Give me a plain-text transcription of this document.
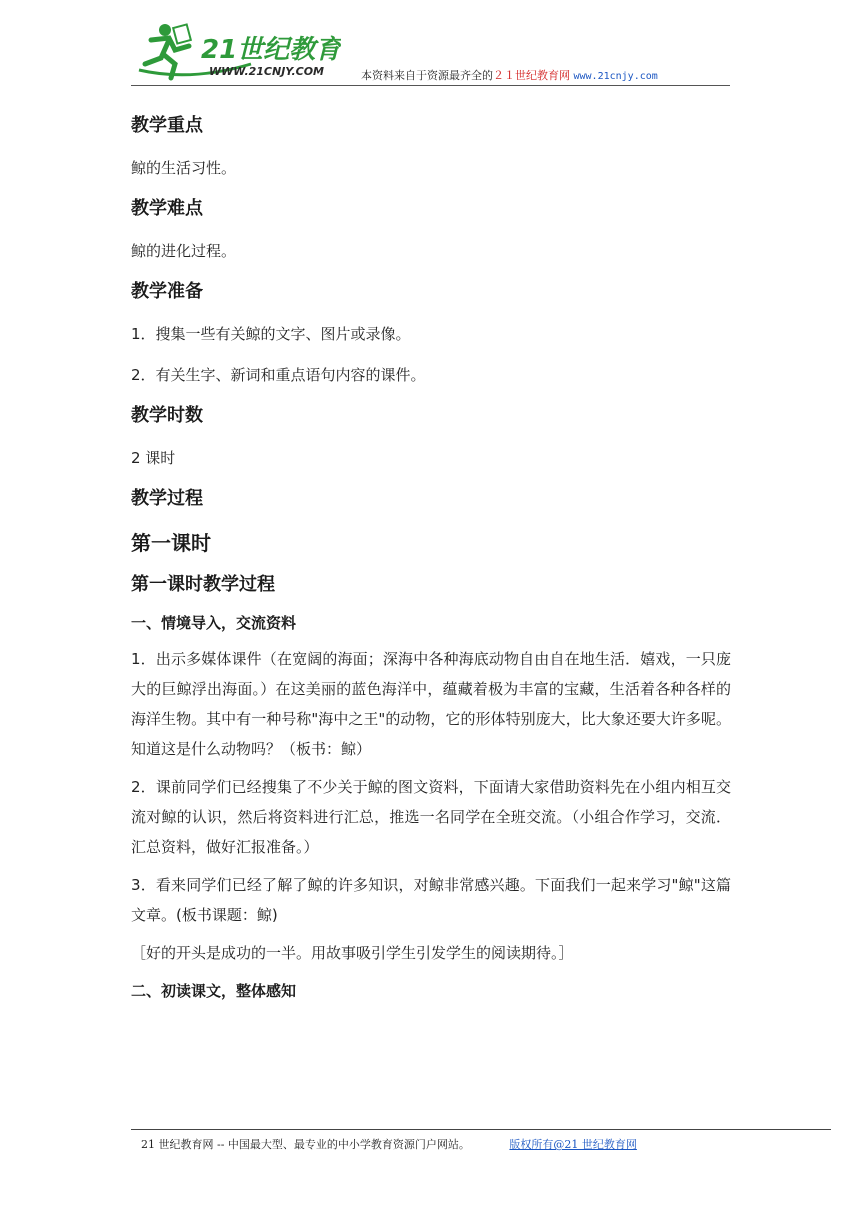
21世纪教育
WWW.21CNJY.COM	本资料来自于资源最齐全的２１世纪教育网 www.21cnjy.com
教学重点
鲸的生活习性。
教学难点
鲸的进化过程。
教学准备
1．搜集一些有关鲸的文字、图片或录像。
2．有关生字、新词和重点语句内容的课件。
教学时数
2 课时
教学过程
第一课时
第一课时教学过程
一、情境导入，交流资料
1．出示多媒体课件（在宽阔的海面；深海中各种海底动物自由自在地生活．嬉戏，一只庞大的巨鲸浮出海面。）在这美丽的蓝色海洋中，蕴藏着极为丰富的宝藏，生活着各种各样的海洋生物。其中有一种号称"海中之王"的动物，它的形体特别庞大，比大象还要大许多呢。知道这是什么动物吗？（板书：鲸）
2．课前同学们已经搜集了不少关于鲸的图文资料，下面请大家借助资料先在小组内相互交流对鲸的认识，然后将资料进行汇总，推选一名同学在全班交流。（小组合作学习，交流．汇总资料，做好汇报准备。）
3．看来同学们已经了解了鲸的许多知识，对鲸非常感兴趣。下面我们一起来学习"鲸"这篇文章。(板书课题：鲸)
［好的开头是成功的一半。用故事吸引学生引发学生的阅读期待。］
二、初读课文，整体感知
21 世纪教育网 -- 中国最大型、最专业的中小学教育资源门户网站。	版权所有@21 世纪教育网
